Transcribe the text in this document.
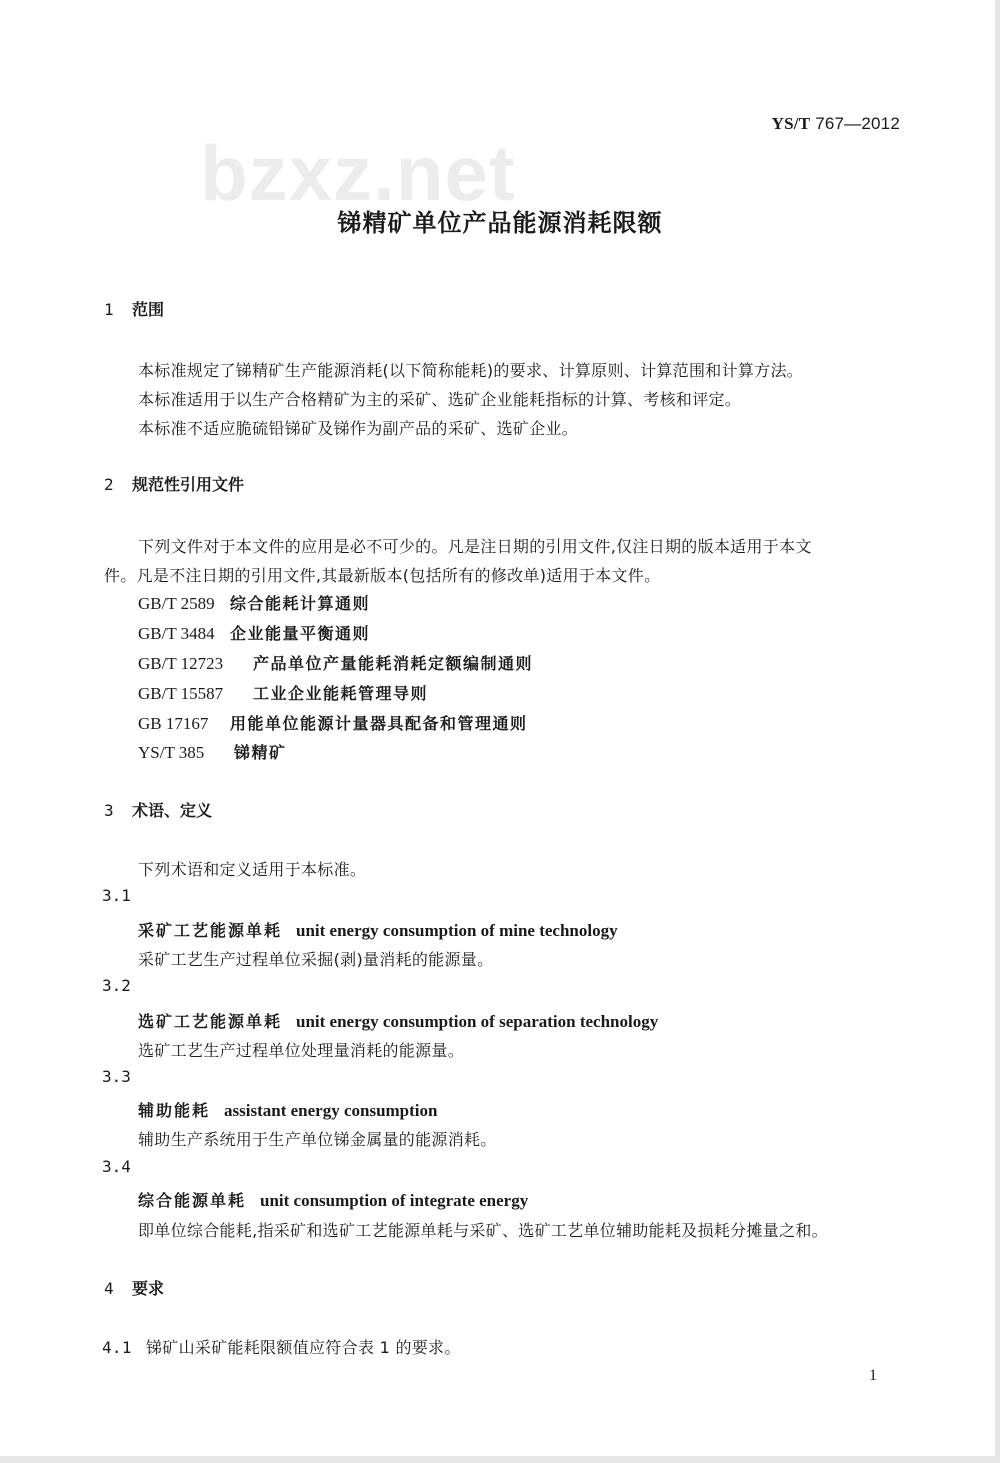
YS/T 767—2012
bzxz.net
锑精矿单位产品能源消耗限额
1 范围
本标准规定了锑精矿生产能源消耗(以下简称能耗)的要求、计算原则、计算范围和计算方法。
本标准适用于以生产合格精矿为主的采矿、选矿企业能耗指标的计算、考核和评定。
本标准不适应脆硫铅锑矿及锑作为副产品的采矿、选矿企业。
2 规范性引用文件
下列文件对于本文件的应用是必不可少的。凡是注日期的引用文件,仅注日期的版本适用于本文
件。凡是不注日期的引用文件,其最新版本(包括所有的修改单)适用于本文件。
GB/T 2589 综合能耗计算通则
GB/T 3484 企业能量平衡通则
GB/T 12723 产品单位产量能耗消耗定额编制通则
GB/T 15587 工业企业能耗管理导则
GB 17167 用能单位能源计量器具配备和管理通则
YS/T 385 锑精矿
3 术语、定义
下列术语和定义适用于本标准。
3.1
采矿工艺能源单耗 unit energy consumption of mine technology
采矿工艺生产过程单位采掘(剥)量消耗的能源量。
3.2
选矿工艺能源单耗 unit energy consumption of separation technology
选矿工艺生产过程单位处理量消耗的能源量。
3.3
辅助能耗 assistant energy consumption
辅助生产系统用于生产单位锑金属量的能源消耗。
3.4
综合能源单耗 unit consumption of integrate energy
即单位综合能耗,指采矿和选矿工艺能源单耗与采矿、选矿工艺单位辅助能耗及损耗分摊量之和。
4 要求
4.1 锑矿山采矿能耗限额值应符合表 1 的要求。
1
